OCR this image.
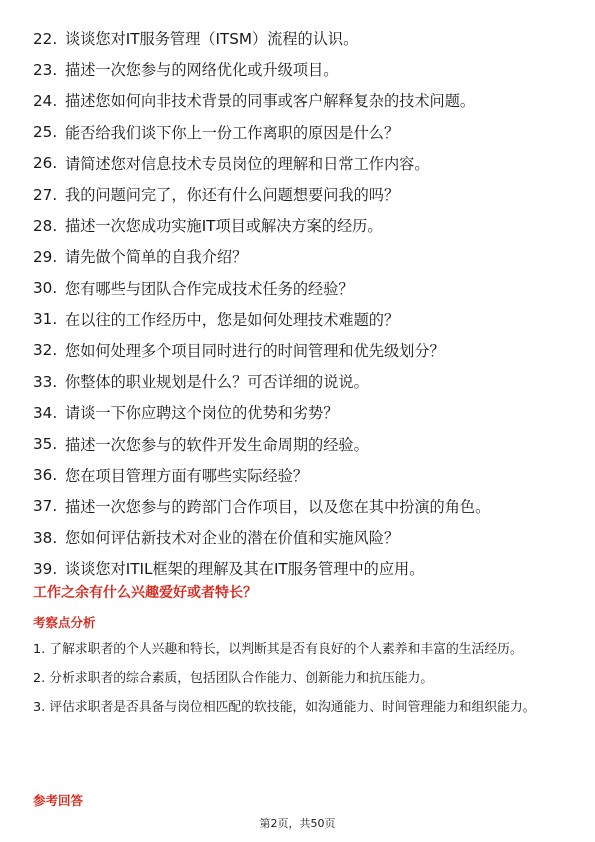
22. 谈谈您对IT服务管理（ITSM）流程的认识。
23. 描述一次您参与的网络优化或升级项目。
24. 描述您如何向非技术背景的同事或客户解释复杂的技术问题。
25. 能否给我们谈下你上一份工作离职的原因是什么？
26. 请简述您对信息技术专员岗位的理解和日常工作内容。
27. 我的问题问完了，你还有什么问题想要问我的吗？
28. 描述一次您成功实施IT项目或解决方案的经历。
29. 请先做个简单的自我介绍？
30. 您有哪些与团队合作完成技术任务的经验？
31. 在以往的工作经历中，您是如何处理技术难题的？
32. 您如何处理多个项目同时进行的时间管理和优先级划分？
33. 你整体的职业规划是什么？可否详细的说说。
34. 请谈一下你应聘这个岗位的优势和劣势？
35. 描述一次您参与的软件开发生命周期的经验。
36. 您在项目管理方面有哪些实际经验？
37. 描述一次您参与的跨部门合作项目，以及您在其中扮演的角色。
38. 您如何评估新技术对企业的潜在价值和实施风险？
39. 谈谈您对ITIL框架的理解及其在IT服务管理中的应用。
工作之余有什么兴趣爱好或者特长？
考察点分析
1. 了解求职者的个人兴趣和特长，以判断其是否有良好的个人素养和丰富的生活经历。
2. 分析求职者的综合素质，包括团队合作能力、创新能力和抗压能力。
3. 评估求职者是否具备与岗位相匹配的软技能，如沟通能力、时间管理能力和组织能力。
参考回答
第2页，共50页
